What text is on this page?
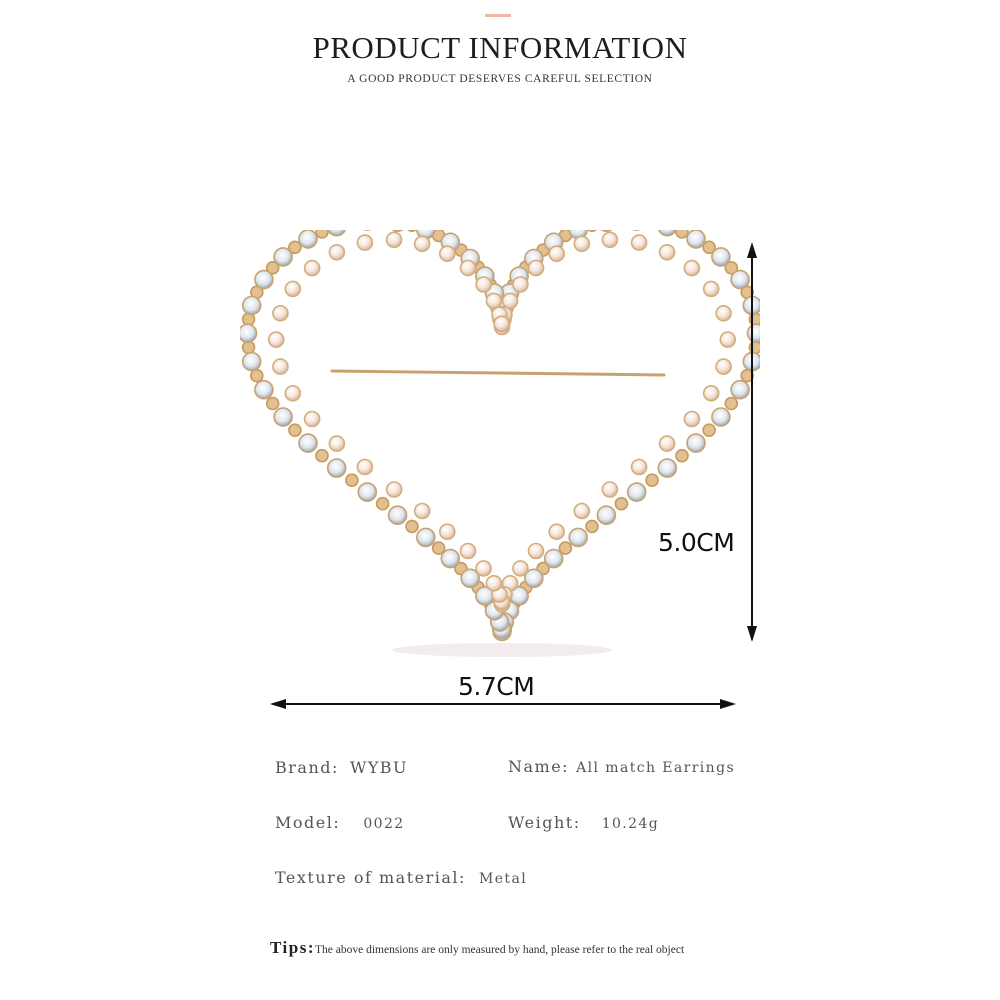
PRODUCT INFORMATION
A GOOD PRODUCT DESERVES CAREFUL SELECTION
5.0CM
5.7CM
Brand: WYBU	Name: All match Earrings
Model: 0022	Weight: 10.24g
Texture of material: Metal
Tips:The above dimensions are only measured by hand, please refer to the real object
